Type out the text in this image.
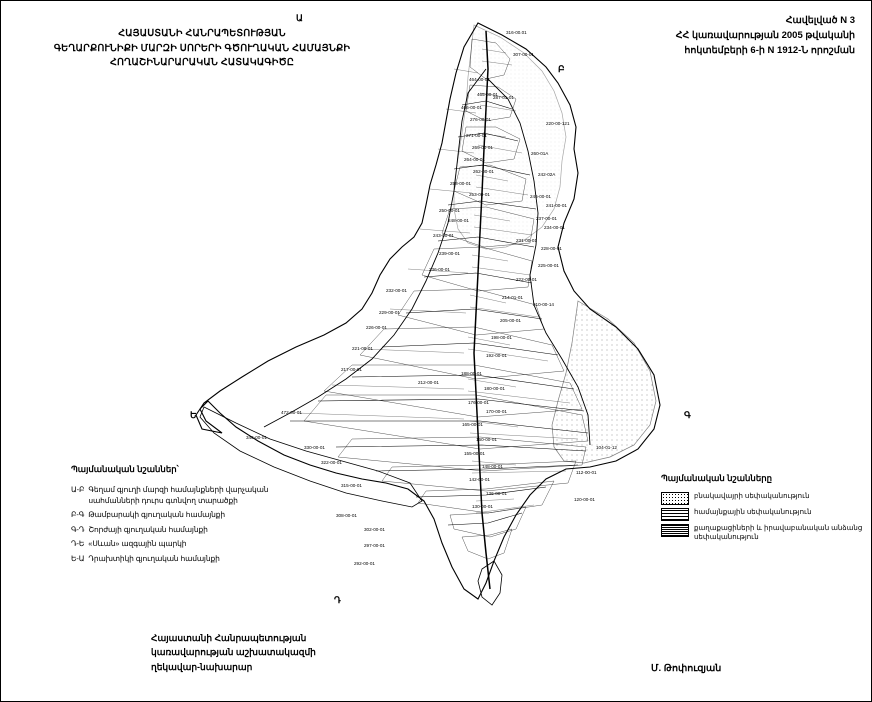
ՀԱՅԱՍՏԱՆԻ ՀԱՆՐԱՊԵՏՈՒԹՅԱՆ
ԳԵՂԱՐՔՈՒՆԻՔԻ ՄԱՐԶԻ ՍՈՐԵՐԻ ԳԾՈՒՂԱԿԱՆ ՀԱՄԱՅՆՔԻ
ՀՈՂԱՇԻՆԱՐԱՐԱԿԱՆ ՀԱՏԱԿԱԳԻԾԸ
Հավելված N 3
ՀՀ կառավարության 2005 թվականի
հոկտեմբերի 6-ի N 1912-Ն որոշման
316-00.01
307-00-01
464-00-01
465-00-01
287-01-01
466-00-01
276-00-01
220-00-121
271-00-01
269-00-01
260-01A
264-00-01
262-00-01
242-02A
258-00-01
253-00-01	246-00-01
241-00-01
250-00-01
237-00-01
248-00-01
234-00-01
243-00-01
231-00-01
228-00-01
239-00-01
225-00-01
236-00-01
222-00-01
232-00-01
214-01-01
210-00-14
229-00-01
205-00-01
226-00-01
198-00-01
221-00-01
192-00-01
217-00-01
188-00-01
212-00-01
180-00-01
176-00-01
472-00-01	170-00-01
165-00-01
346-00-01
330-00-01
160-00-01
104-01-12
155-00-01
322-00-01
148-00-01
112-00-01
142-00-01
315-00-01
136-00-01
120-00-01
130-00-01
308-00-01
302-00-01
297-00-01
292-00-01
Ա
Բ
Ե	Գ
Դ
Պայմանական նշաններ՝
Ա-Բ Գեղամ գյուղի մարզի համայնքների վարչական սահմանների դուրս գտնվող տարածքի
Բ-Գ Թամբարակի գյուղական համայնքի
Գ-Դ Շորժայի գյուղական համայնքի
Դ-Ե «Սևան» ազգային պարկի
Ե-Ա Դրախտիկի գյուղական համայնքի
Պայմանական նշանները
բնակավայրի սեփականություն
համայնքային սեփականություն
քաղաքացիների և իրավաբանական անձանց սեփականություն
Հայաստանի Հանրապետության
կառավարության աշխատակազմի
ղեկավար-նախարար	Մ. Թոփուզյան
